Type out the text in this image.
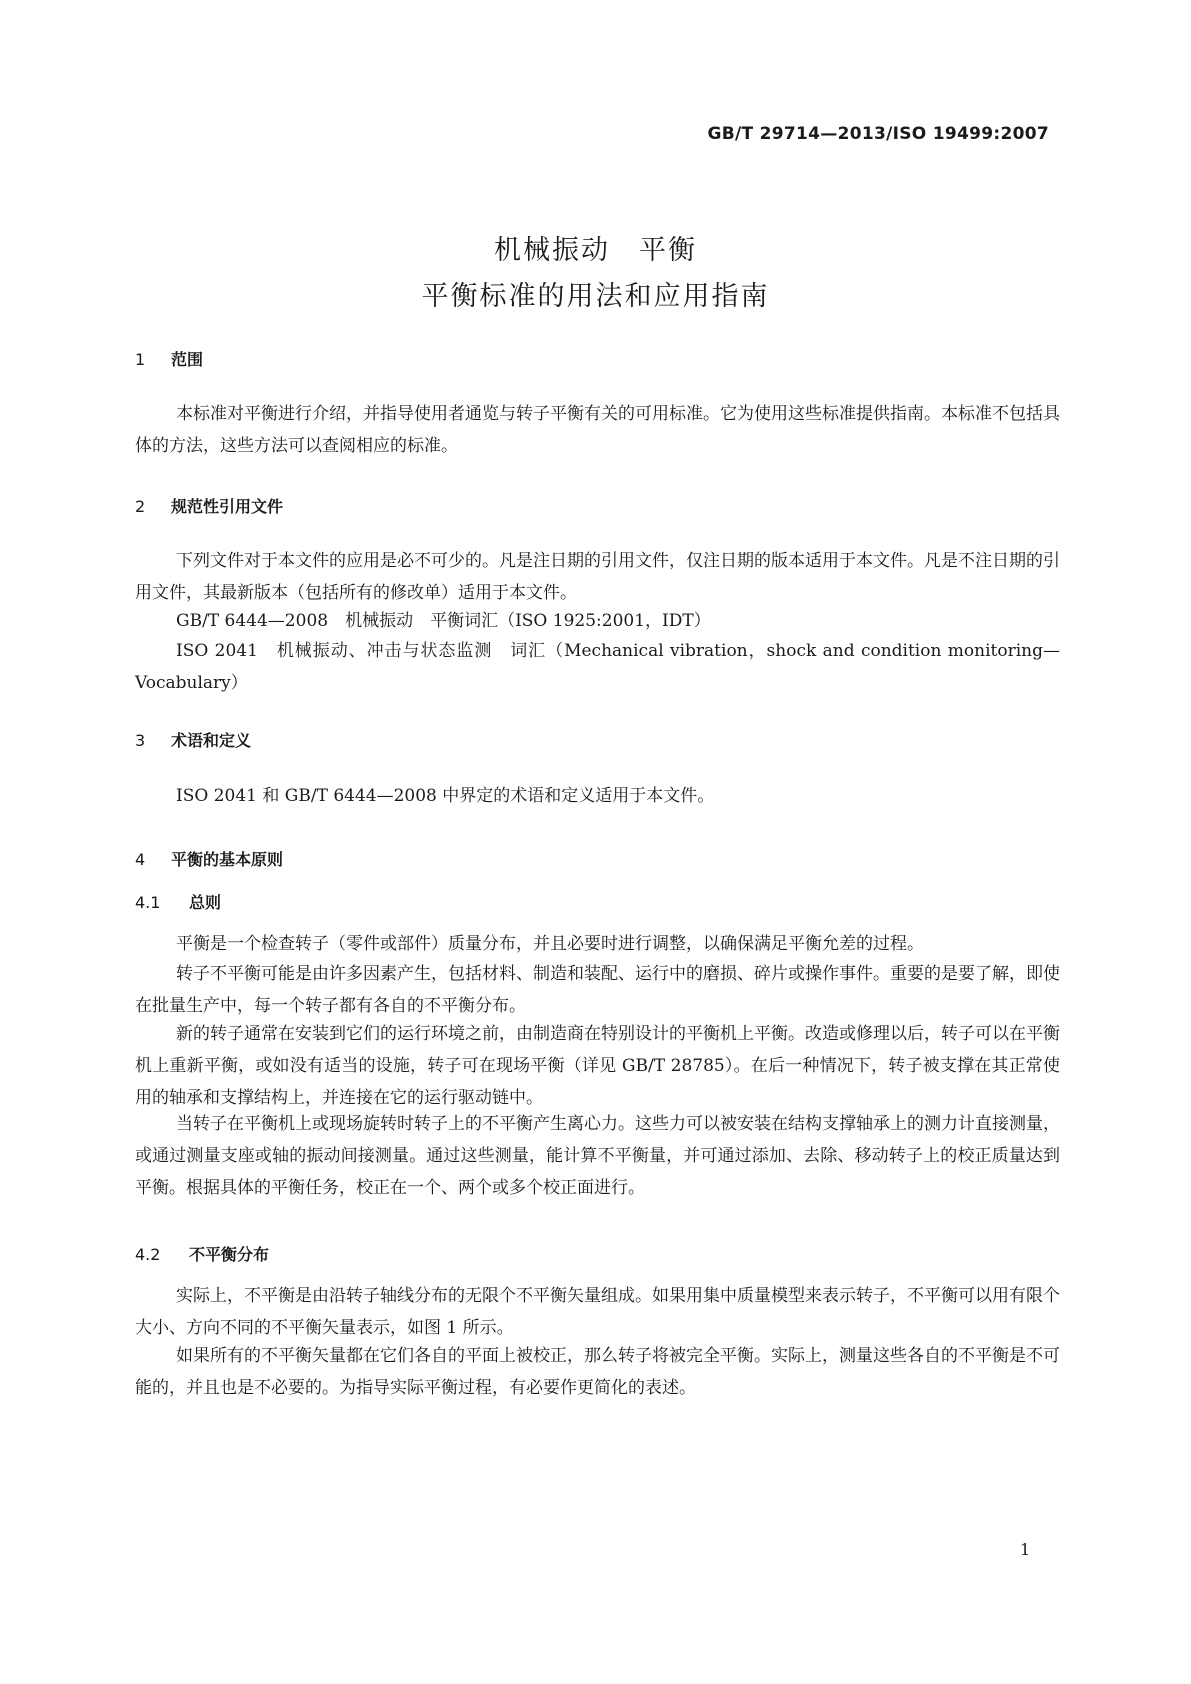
GB/T 29714—2013/ISO 19499:2007
机械振动　平衡
平衡标准的用法和应用指南
1 范围

本标准对平衡进行介绍，并指导使用者通览与转子平衡有关的可用标准。它为使用这些标准提供指南。本标准不包括具体的方法，这些方法可以查阅相应的标准。

2 规范性引用文件

下列文件对于本文件的应用是必不可少的。凡是注日期的引用文件，仅注日期的版本适用于本文件。凡是不注日期的引用文件，其最新版本（包括所有的修改单）适用于本文件。

GB/T 6444—2008　机械振动　平衡词汇（ISO 1925:2001，IDT）

ISO 2041　机械振动、冲击与状态监测　词汇（Mechanical vibration，shock and condition monitoring—Vocabulary）

3 术语和定义

ISO 2041 和 GB/T 6444—2008 中界定的术语和定义适用于本文件。

4 平衡的基本原则
4.1 总则

平衡是一个检查转子（零件或部件）质量分布，并且必要时进行调整，以确保满足平衡允差的过程。

转子不平衡可能是由许多因素产生，包括材料、制造和装配、运行中的磨损、碎片或操作事件。重要的是要了解，即使在批量生产中，每一个转子都有各自的不平衡分布。

新的转子通常在安装到它们的运行环境之前，由制造商在特别设计的平衡机上平衡。改造或修理以后，转子可以在平衡机上重新平衡，或如没有适当的设施，转子可在现场平衡（详见 GB/T 28785）。在后一种情况下，转子被支撑在其正常使用的轴承和支撑结构上，并连接在它的运行驱动链中。

当转子在平衡机上或现场旋转时转子上的不平衡产生离心力。这些力可以被安装在结构支撑轴承上的测力计直接测量，或通过测量支座或轴的振动间接测量。通过这些测量，能计算不平衡量，并可通过添加、去除、移动转子上的校正质量达到平衡。根据具体的平衡任务，校正在一个、两个或多个校正面进行。

4.2 不平衡分布

实际上，不平衡是由沿转子轴线分布的无限个不平衡矢量组成。如果用集中质量模型来表示转子，不平衡可以用有限个大小、方向不同的不平衡矢量表示，如图 1 所示。

如果所有的不平衡矢量都在它们各自的平面上被校正，那么转子将被完全平衡。实际上，测量这些各自的不平衡是不可能的，并且也是不必要的。为指导实际平衡过程，有必要作更简化的表述。

1
